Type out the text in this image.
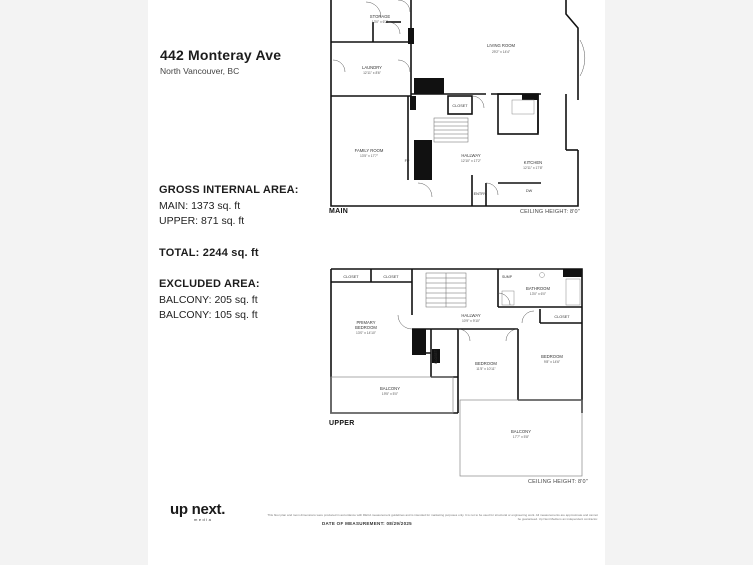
442 Monteray Ave
North Vancouver, BC
GROSS INTERNAL AREA:
MAIN: 1373 sq. ft
UPPER: 871 sq. ft
TOTAL: 2244 sq. ft
EXCLUDED AREA:
BALCONY: 205 sq. ft
BALCONY: 105 sq. ft
STORAGE
13'0" x 6'2"
LAUNDRY
12'11" x 8'6"
LIVING ROOM
29'2" x 14'4"
FAMILY ROOM
13'5" x 17'7"
CLOSET
HALLWAY
12'10" x 17'2"	KITCHEN
12'11" x 17'8"
ENTRY
DW
FP
MAIN	CEILING HEIGHT: 8'0"
CLOSET	CLOSET
PRIMARY
BEDROOM
13'0" x 14'10"
BATHROOM
13'0" x 6'0"
SUMP
HALLWAY
10'9" x 9'10"
CLOSET
CLOSET	BEDROOM
11'5" x 10'11"
BEDROOM
9'8" x 14'6"
BALCONY
19'5" x 5'0"
BALCONY
17'7" x 5'8"
UPPER
CEILING HEIGHT: 8'0"
up next.
media
This floor plan and room dimensions were produced in accordance with RECA measurement guidelines and is intended for marketing purposes only. It is not to be used for structural or engineering work. All measurements are approximate and cannot be guaranteed. Up Next Media is an independent contractor.
DATE OF MEASUREMENT: 08/29/2025
